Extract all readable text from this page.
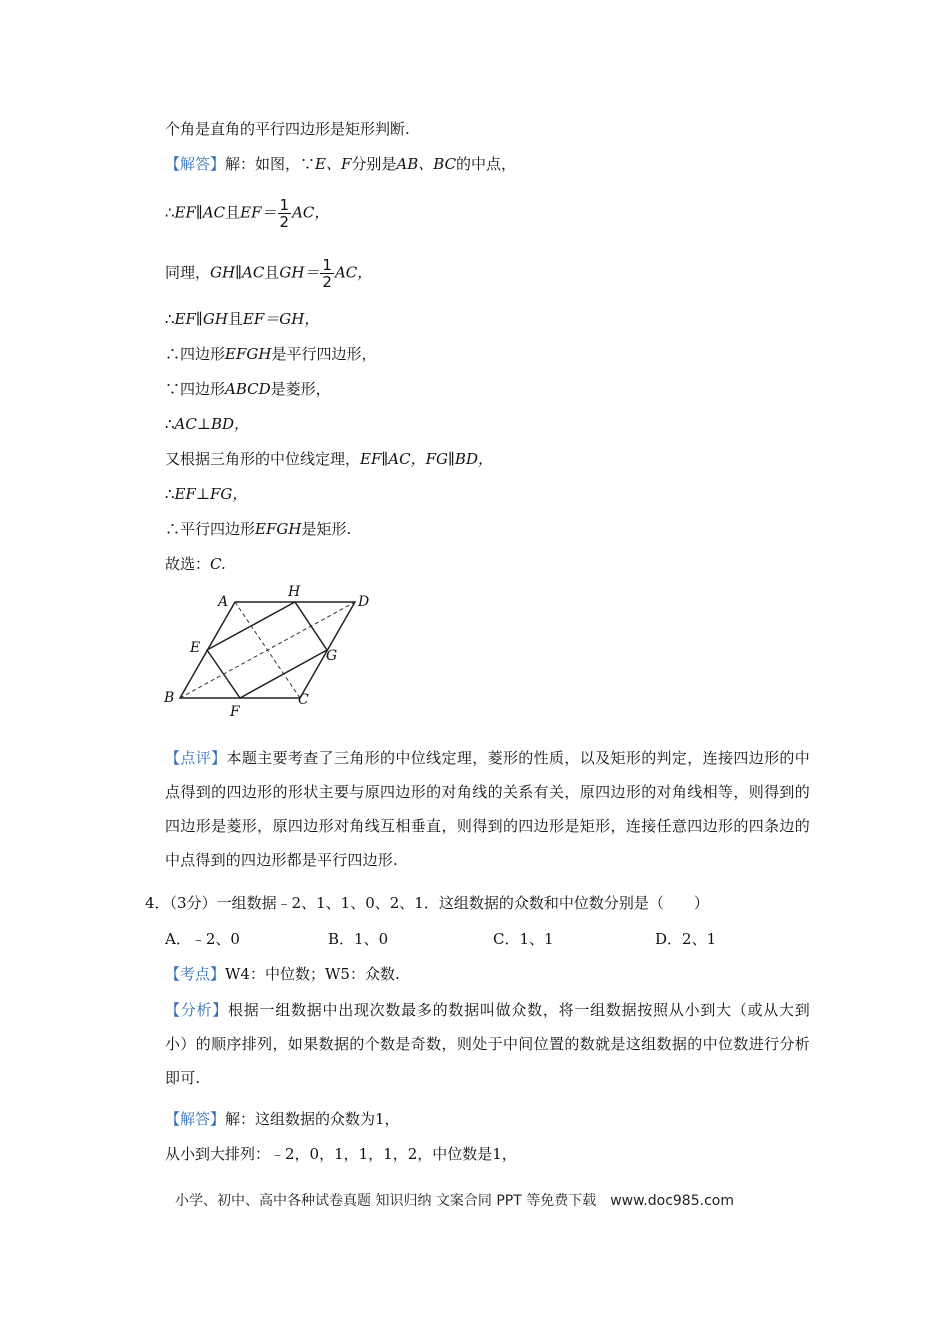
个角是直角的平行四边形是矩形判断.
【解答】解：如图，∵E、F分别是AB、BC的中点，
∴EF∥AC且$EF= \frac{1}{2}$ AC，
同理，GH∥AC且$GH= \frac{1}{2}$ AC，
∴EF∥GH且EF＝GH，
∴四边形EFGH是平行四边形，
∵四边形ABCD是菱形，
∴AC⊥BD，
又根据三角形的中位线定理，EF∥AC，FG∥BD，
∴EF⊥FG，
∴平行四边形EFGH是矩形.
故选：C.
A
H
D
E	G
B	C
F
【点评】本题主要考查了三角形的中位线定理，菱形的性质，以及矩形的判定，连接四边形的中点得到的四边形的形状主要与原四边形的对角线的关系有关，原四边形的对角线相等，则得到的四边形是菱形，原四边形对角线互相垂直，则得到的四边形是矩形，连接任意四边形的四条边的中点得到的四边形都是平行四边形.
4．（3分）一组数据﹣2、1、1、0、2、1．这组数据的众数和中位数分别是（　　）
A．﹣2、0	B．1、0	C．1、1	D．2、1
【考点】W4：中位数；W5：众数.
【分析】根据一组数据中出现次数最多的数据叫做众数，将一组数据按照从小到大（或从大到小）的顺序排列，如果数据的个数是奇数，则处于中间位置的数就是这组数据的中位数进行分析即可.
【解答】解：这组数据的众数为1，
从小到大排列：﹣2，0，1，1，1，2，中位数是1，
小学、初中、高中各种试卷真题 知识归纳 文案合同 PPT 等免费下载　www.doc985.com
